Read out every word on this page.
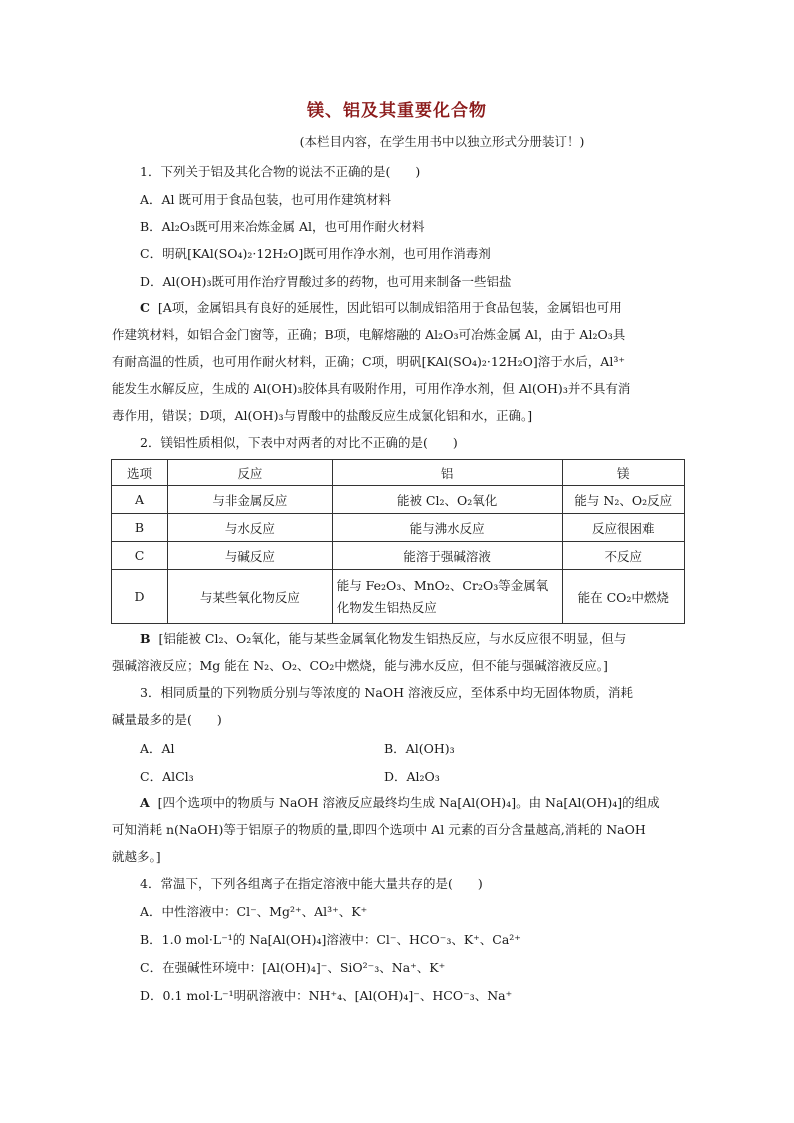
镁、铝及其重要化合物
(本栏目内容，在学生用书中以独立形式分册装订！)
1．下列关于铝及其化合物的说法不正确的是(　　)
A．Al 既可用于食品包装，也可用作建筑材料
B．Al₂O₃既可用来冶炼金属 Al，也可用作耐火材料
C．明矾[KAl(SO₄)₂·12H₂O]既可用作净水剂，也可用作消毒剂
D．Al(OH)₃既可用作治疗胃酸过多的药物，也可用来制备一些铝盐
C [A项，金属铝具有良好的延展性，因此铝可以制成铝箔用于食品包装，金属铝也可用
作建筑材料，如铝合金门窗等，正确；B项，电解熔融的 Al₂O₃可冶炼金属 Al，由于 Al₂O₃具
有耐高温的性质，也可用作耐火材料，正确；C项，明矾[KAl(SO₄)₂·12H₂O]溶于水后，Al³⁺
能发生水解反应，生成的 Al(OH)₃胶体具有吸附作用，可用作净水剂，但 Al(OH)₃并不具有消
毒作用，错误；D项，Al(OH)₃与胃酸中的盐酸反应生成氯化铝和水，正确。]
2．镁铝性质相似，下表中对两者的对比不正确的是(　　)
选项	反应	铝	镁
A	与非金属反应	能被 Cl₂、O₂氧化	能与 N₂、O₂反应
B	与水反应	能与沸水反应	反应很困难
C	与碱反应	能溶于强碱溶液	不反应
D	与某些氧化物反应	能与 Fe₂O₃、MnO₂、Cr₂O₃等金属氧化物发生铝热反应	能在 CO₂中燃烧
B [铝能被 Cl₂、O₂氧化，能与某些金属氧化物发生铝热反应，与水反应很不明显，但与
强碱溶液反应；Mg 能在 N₂、O₂、CO₂中燃烧，能与沸水反应，但不能与强碱溶液反应。]
3．相同质量的下列物质分别与等浓度的 NaOH 溶液反应，至体系中均无固体物质，消耗
碱量最多的是(　　)
A．Al	B．Al(OH)₃
C．AlCl₃	D．Al₂O₃
A [四个选项中的物质与 NaOH 溶液反应最终均生成 Na[Al(OH)₄]。由 Na[Al(OH)₄]的组成
可知消耗 n(NaOH)等于铝原子的物质的量,即四个选项中 Al 元素的百分含量越高,消耗的 NaOH
就越多。]
4．常温下，下列各组离子在指定溶液中能大量共存的是(　　)
A．中性溶液中：Cl⁻、Mg²⁺、Al³⁺、K⁺
B．1.0 mol·L⁻¹的 Na[Al(OH)₄]溶液中：Cl⁻、HCO⁻₃、K⁺、Ca²⁺
C．在强碱性环境中：[Al(OH)₄]⁻、SiO²⁻₃、Na⁺、K⁺
D．0.1 mol·L⁻¹明矾溶液中：NH⁺₄、[Al(OH)₄]⁻、HCO⁻₃、Na⁺
